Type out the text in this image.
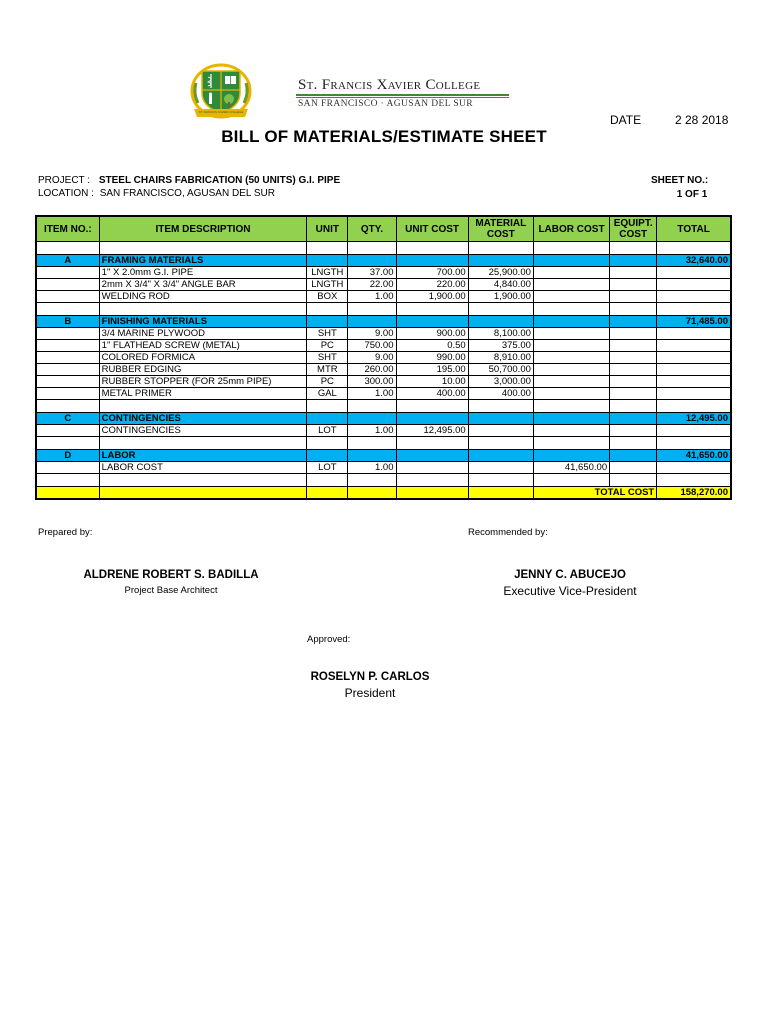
ST. FRANCIS XAVIER COLLEGE
St. Francis Xavier College
SAN FRANCISCO · AGUSAN DEL SUR
DATE	2 28 2018
BILL OF MATERIALS/ESTIMATE SHEET
PROJECT : STEEL CHAIRS FABRICATION (50 UNITS) G.I. PIPE
LOCATION : SAN FRANCISCO, AGUSAN DEL SUR
SHEET NO.:
1 OF 1
ITEM NO.:	ITEM DESCRIPTION	UNIT	QTY.	UNIT COST	MATERIAL COST	LABOR COST	EQUIPT. COST	TOTAL

A	FRAMING MATERIALS							32,640.00
	1" X 2.0mm G.I. PIPE	LNGTH	37.00	700.00	25,900.00			
	2mm X 3/4" X 3/4" ANGLE BAR	LNGTH	22.00	220.00	4,840.00			
	WELDING ROD	BOX	1.00	1,900.00	1,900.00			

B	FINISHING MATERIALS							71,485.00
	3/4 MARINE PLYWOOD	SHT	9.00	900.00	8,100.00			
	1" FLATHEAD SCREW (METAL)	PC	750.00	0.50	375.00			
	COLORED FORMICA	SHT	9.00	990.00	8,910.00			
	RUBBER EDGING	MTR	260.00	195.00	50,700.00			
	RUBBER STOPPER (FOR 25mm PIPE)	PC	300.00	10.00	3,000.00			
	METAL PRIMER	GAL	1.00	400.00	400.00			

C	CONTINGENCIES							12,495.00
	CONTINGENCIES	LOT	1.00	12,495.00				

D	LABOR							41,650.00
	LABOR COST	LOT	1.00			41,650.00		

						TOTAL COST		158,270.00
Prepared by:	Recommended by:
ALDRENE ROBERT S. BADILLA
Project Base Architect
JENNY C. ABUCEJO
Executive Vice-President
Approved:
ROSELYN P. CARLOS
President
